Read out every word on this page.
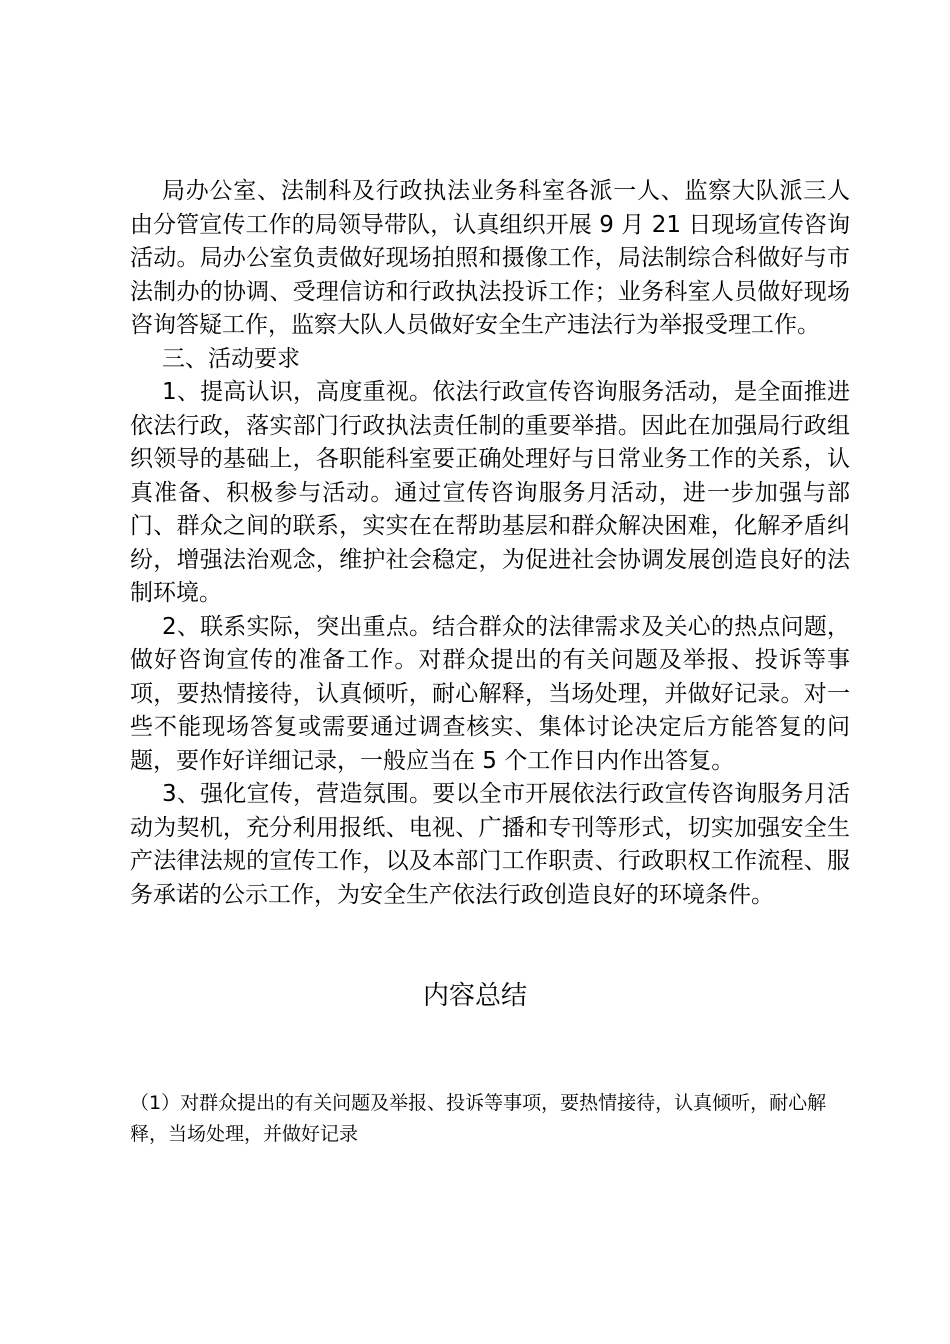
局办公室、法制科及行政执法业务科室各派一人、监察大队派三人由分管宣传工作的局领导带队，认真组织开展 9 月 21 日现场宣传咨询活动。局办公室负责做好现场拍照和摄像工作，局法制综合科做好与市法制办的协调、受理信访和行政执法投诉工作；业务科室人员做好现场咨询答疑工作，监察大队人员做好安全生产违法行为举报受理工作。

三、活动要求

1、提高认识，高度重视。依法行政宣传咨询服务活动，是全面推进依法行政，落实部门行政执法责任制的重要举措。因此在加强局行政组织领导的基础上，各职能科室要正确处理好与日常业务工作的关系，认真准备、积极参与活动。通过宣传咨询服务月活动，进一步加强与部门、群众之间的联系，实实在在帮助基层和群众解决困难，化解矛盾纠纷，增强法治观念，维护社会稳定，为促进社会协调发展创造良好的法制环境。

2、联系实际，突出重点。结合群众的法律需求及关心的热点问题，做好咨询宣传的准备工作。对群众提出的有关问题及举报、投诉等事项，要热情接待，认真倾听，耐心解释，当场处理，并做好记录。对一些不能现场答复或需要通过调查核实、集体讨论决定后方能答复的问题，要作好详细记录，一般应当在 5 个工作日内作出答复。

3、强化宣传，营造氛围。要以全市开展依法行政宣传咨询服务月活动为契机，充分利用报纸、电视、广播和专刊等形式，切实加强安全生产法律法规的宣传工作，以及本部门工作职责、行政职权工作流程、服务承诺的公示工作，为安全生产依法行政创造良好的环境条件。

内容总结
（1）对群众提出的有关问题及举报、投诉等事项，要热情接待，认真倾听，耐心解释，当场处理，并做好记录
